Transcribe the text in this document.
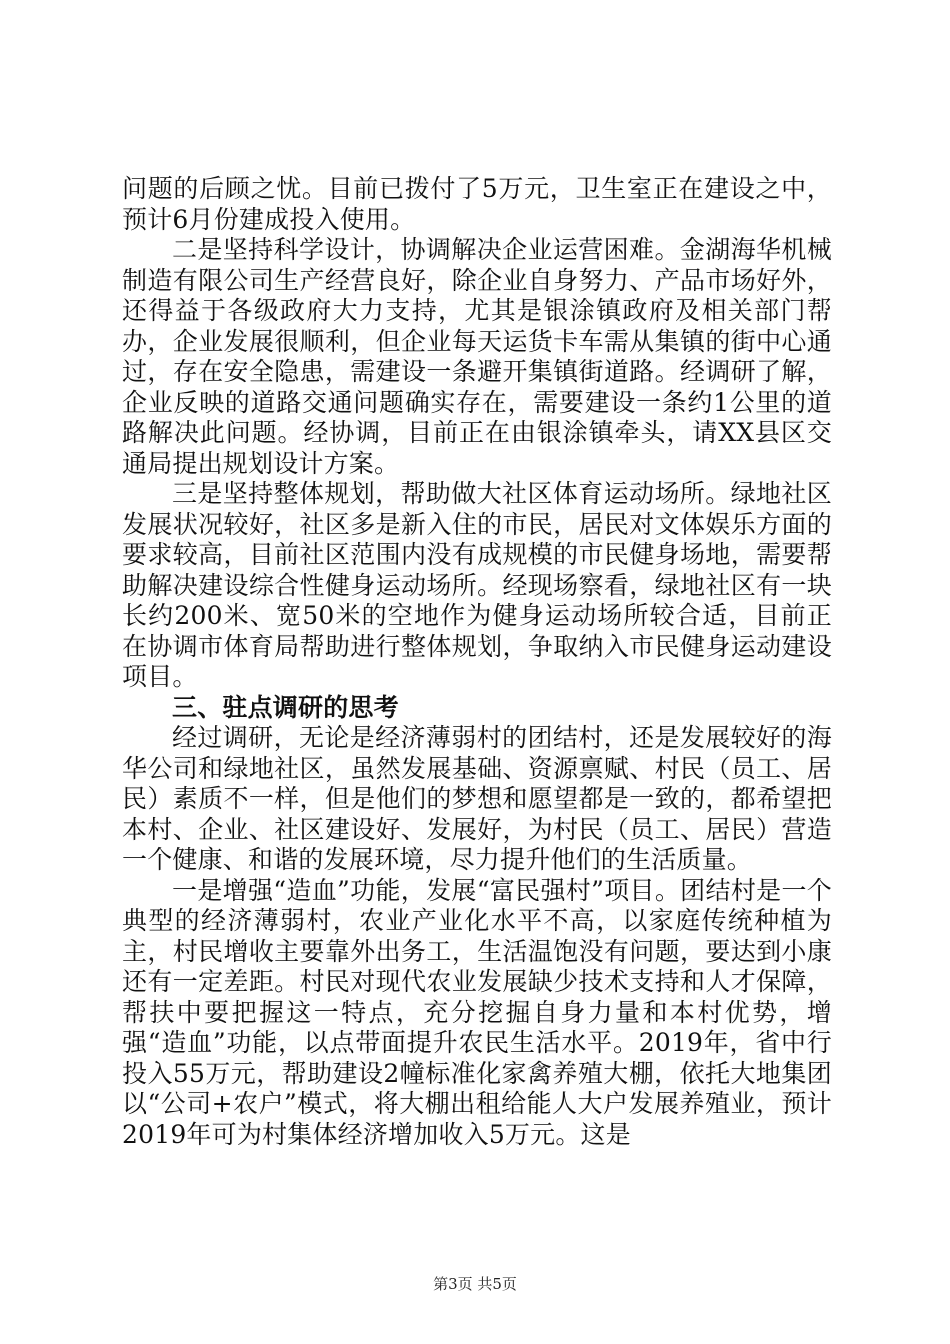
问题的后顾之忧。目前已拨付了5万元，卫生室正在建设之中，预计6月份建成投入使用。

二是坚持科学设计，协调解决企业运营困难。金湖海华机械制造有限公司生产经营良好，除企业自身努力、产品市场好外，还得益于各级政府大力支持，尤其是银涂镇政府及相关部门帮办，企业发展很顺利，但企业每天运货卡车需从集镇的街中心通过，存在安全隐患，需建设一条避开集镇街道路。经调研了解，企业反映的道路交通问题确实存在，需要建设一条约1公里的道路解决此问题。经协调，目前正在由银涂镇牵头，请XX县区交通局提出规划设计方案。

三是坚持整体规划，帮助做大社区体育运动场所。绿地社区发展状况较好，社区多是新入住的市民，居民对文体娱乐方面的要求较高，目前社区范围内没有成规模的市民健身场地，需要帮助解决建设综合性健身运动场所。经现场察看，绿地社区有一块长约200米、宽50米的空地作为健身运动场所较合适，目前正在协调市体育局帮助进行整体规划，争取纳入市民健身运动建设项目。

三、驻点调研的思考

经过调研，无论是经济薄弱村的团结村，还是发展较好的海华公司和绿地社区，虽然发展基础、资源禀赋、村民（员工、居民）素质不一样，但是他们的梦想和愿望都是一致的，都希望把本村、企业、社区建设好、发展好，为村民（员工、居民）营造一个健康、和谐的发展环境，尽力提升他们的生活质量。

一是增强“造血”功能，发展“富民强村”项目。团结村是一个典型的经济薄弱村，农业产业化水平不高，以家庭传统种植为主，村民增收主要靠外出务工，生活温饱没有问题，要达到小康还有一定差距。村民对现代农业发展缺少技术支持和人才保障，帮扶中要把握这一特点，充分挖掘自身力量和本村优势，增强“造血”功能，以点带面提升农民生活水平。2019年，省中行投入55万元，帮助建设2幢标准化家禽养殖大棚，依托大地集团以“公司+农户”模式，将大棚出租给能人大户发展养殖业，预计2019年可为村集体经济增加收入5万元。这是

第3页 共5页
